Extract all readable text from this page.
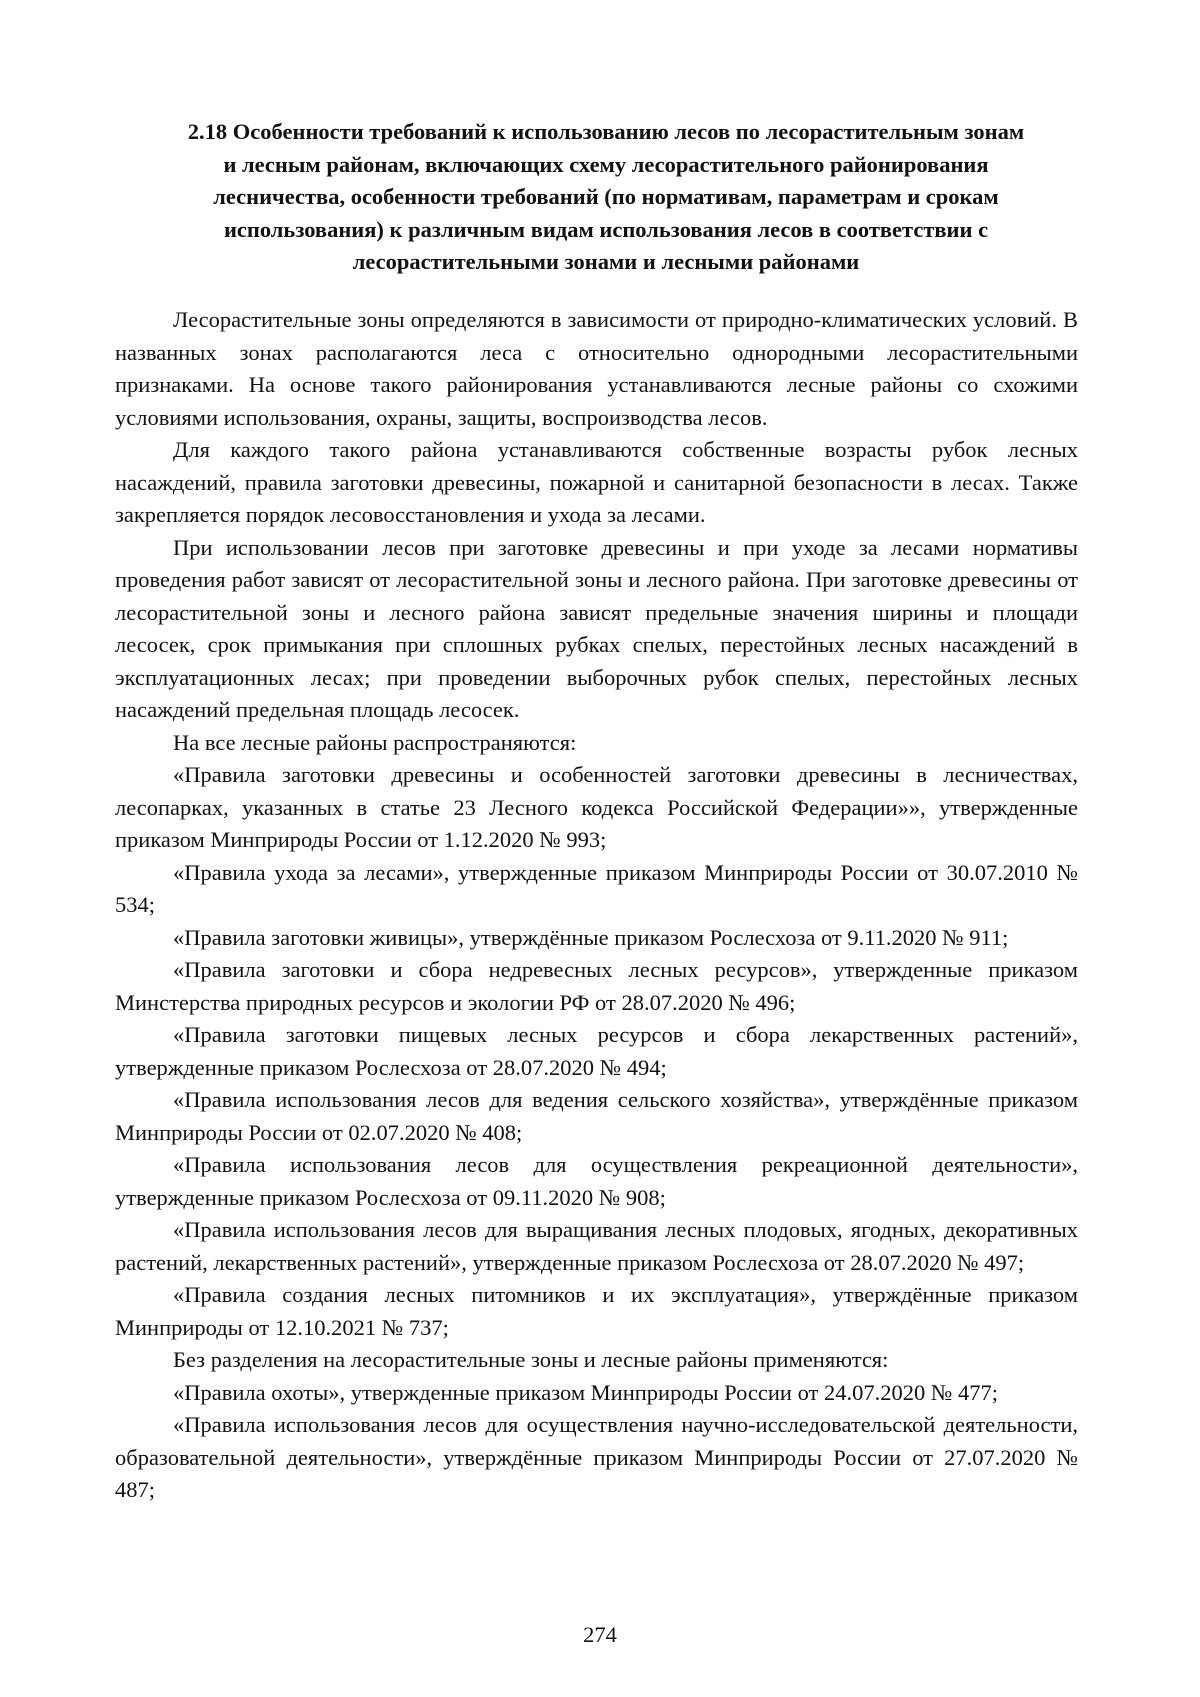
2.18 Особенности требований к использованию лесов по лесорастительным зонам
и лесным районам, включающих схему лесорастительного районирования
лесничества, особенности требований (по нормативам, параметрам и срокам
использования) к различным видам использования лесов в соответствии с
лесорастительными зонами и лесными районами

Лесорастительные зоны определяются в зависимости от природно-климатических условий. В названных зонах располагаются леса с относительно однородными лесорастительными признаками. На основе такого районирования устанавливаются лесные районы со схожими условиями использования, охраны, защиты, воспроизводства лесов.

Для каждого такого района устанавливаются собственные возрасты рубок лесных насаждений, правила заготовки древесины, пожарной и санитарной безопасности в лесах. Также закрепляется порядок лесовосстановления и ухода за лесами.

При использовании лесов при заготовке древесины и при уходе за лесами нормативы проведения работ зависят от лесорастительной зоны и лесного района. При заготовке древесины от лесорастительной зоны и лесного района зависят предельные значения ширины и площади лесосек, срок примыкания при сплошных рубках спелых, перестойных лесных насаждений в эксплуатационных лесах; при проведении выборочных рубок спелых, перестойных лесных насаждений предельная площадь лесосек.

На все лесные районы распространяются:

«Правила заготовки древесины и особенностей заготовки древесины в лесничествах, лесопарках, указанных в статье 23 Лесного кодекса Российской Федерации»», утвержденные приказом Минприроды России от 1.12.2020 № 993;

«Правила ухода за лесами», утвержденные приказом Минприроды России от 30.07.2010 № 534;

«Правила заготовки живицы», утверждённые приказом Рослесхоза от 9.11.2020 № 911;

«Правила заготовки и сбора недревесных лесных ресурсов», утвержденные приказом Минстерства природных ресурсов и экологии РФ от 28.07.2020 № 496;

«Правила заготовки пищевых лесных ресурсов и сбора лекарственных растений», утвержденные приказом Рослесхоза от 28.07.2020 № 494;

«Правила использования лесов для ведения сельского хозяйства», утверждённые приказом Минприроды России от 02.07.2020 № 408;

«Правила использования лесов для осуществления рекреационной деятельности», утвержденные приказом Рослесхоза от 09.11.2020 № 908;

«Правила использования лесов для выращивания лесных плодовых, ягодных, декоративных растений, лекарственных растений», утвержденные приказом Рослесхоза от 28.07.2020 № 497;

«Правила создания лесных питомников и их эксплуатация», утверждённые приказом Минприроды от 12.10.2021 № 737;

Без разделения на лесорастительные зоны и лесные районы применяются:

«Правила охоты», утвержденные приказом Минприроды России от 24.07.2020 № 477;

«Правила использования лесов для осуществления научно-исследовательской деятельности, образовательной деятельности», утверждённые приказом Минприроды России от 27.07.2020 № 487;

274
